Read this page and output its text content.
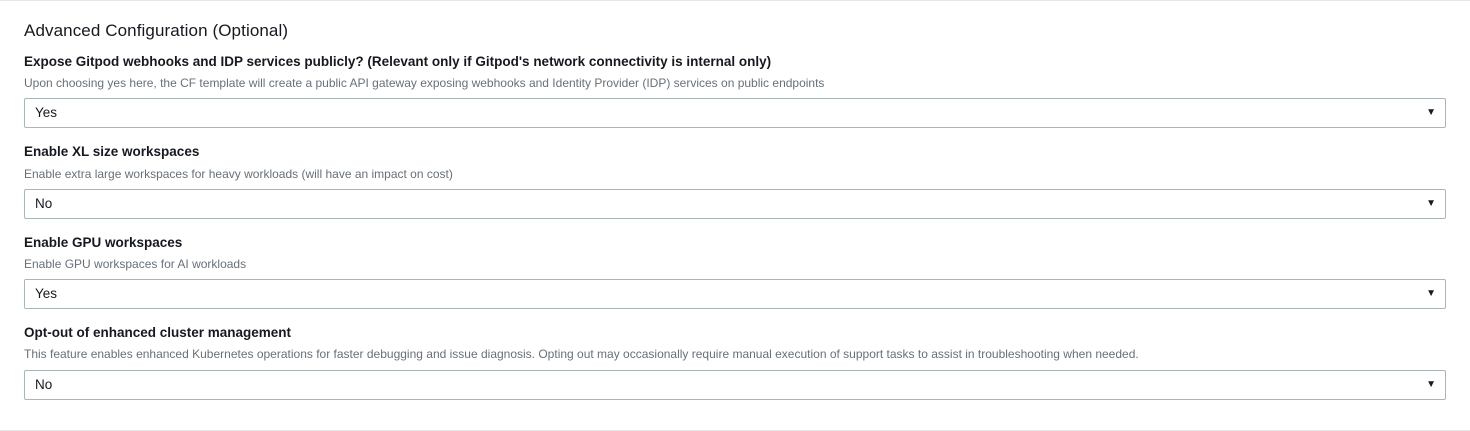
Advanced Configuration (Optional)
Expose Gitpod webhooks and IDP services publicly? (Relevant only if Gitpod's network connectivity is internal only)
Upon choosing yes here, the CF template will create a public API gateway exposing webhooks and Identity Provider (IDP) services on public endpoints
Yes	▼
Enable XL size workspaces
Enable extra large workspaces for heavy workloads (will have an impact on cost)
No	▼
Enable GPU workspaces
Enable GPU workspaces for AI workloads
Yes	▼
Opt-out of enhanced cluster management
This feature enables enhanced Kubernetes operations for faster debugging and issue diagnosis. Opting out may occasionally require manual execution of support tasks to assist in troubleshooting when needed.
No	▼
